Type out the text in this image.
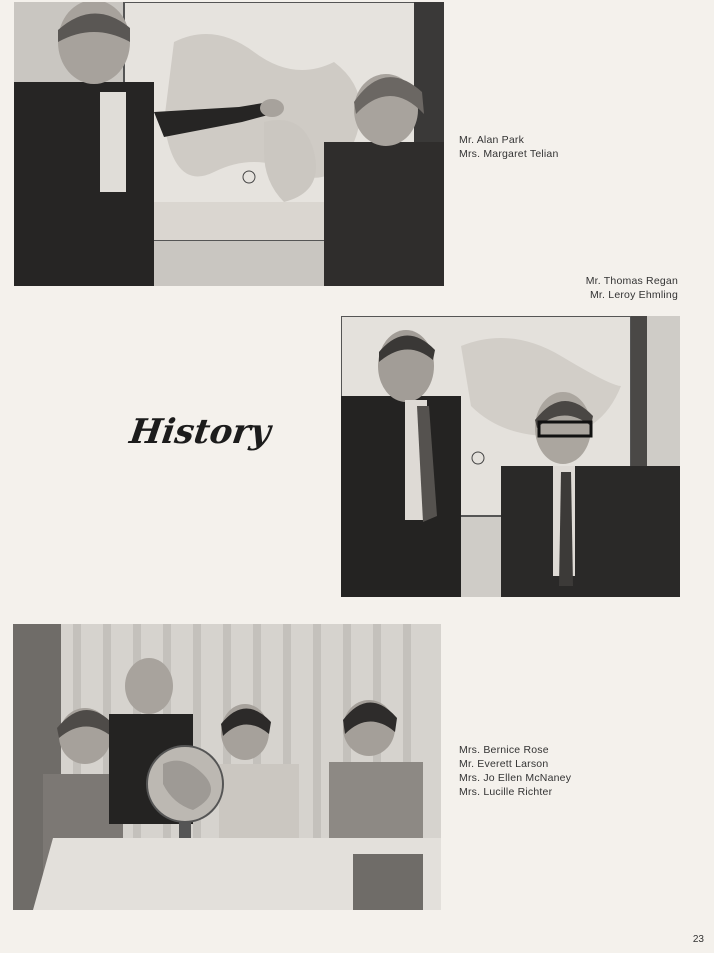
Mr. Alan Park
Mrs. Margaret Telian
Mr. Thomas Regan
Mr. Leroy Ehmling
History
Mrs. Bernice Rose
Mr. Everett Larson
Mrs. Jo Ellen McNaney
Mrs. Lucille Richter
23
